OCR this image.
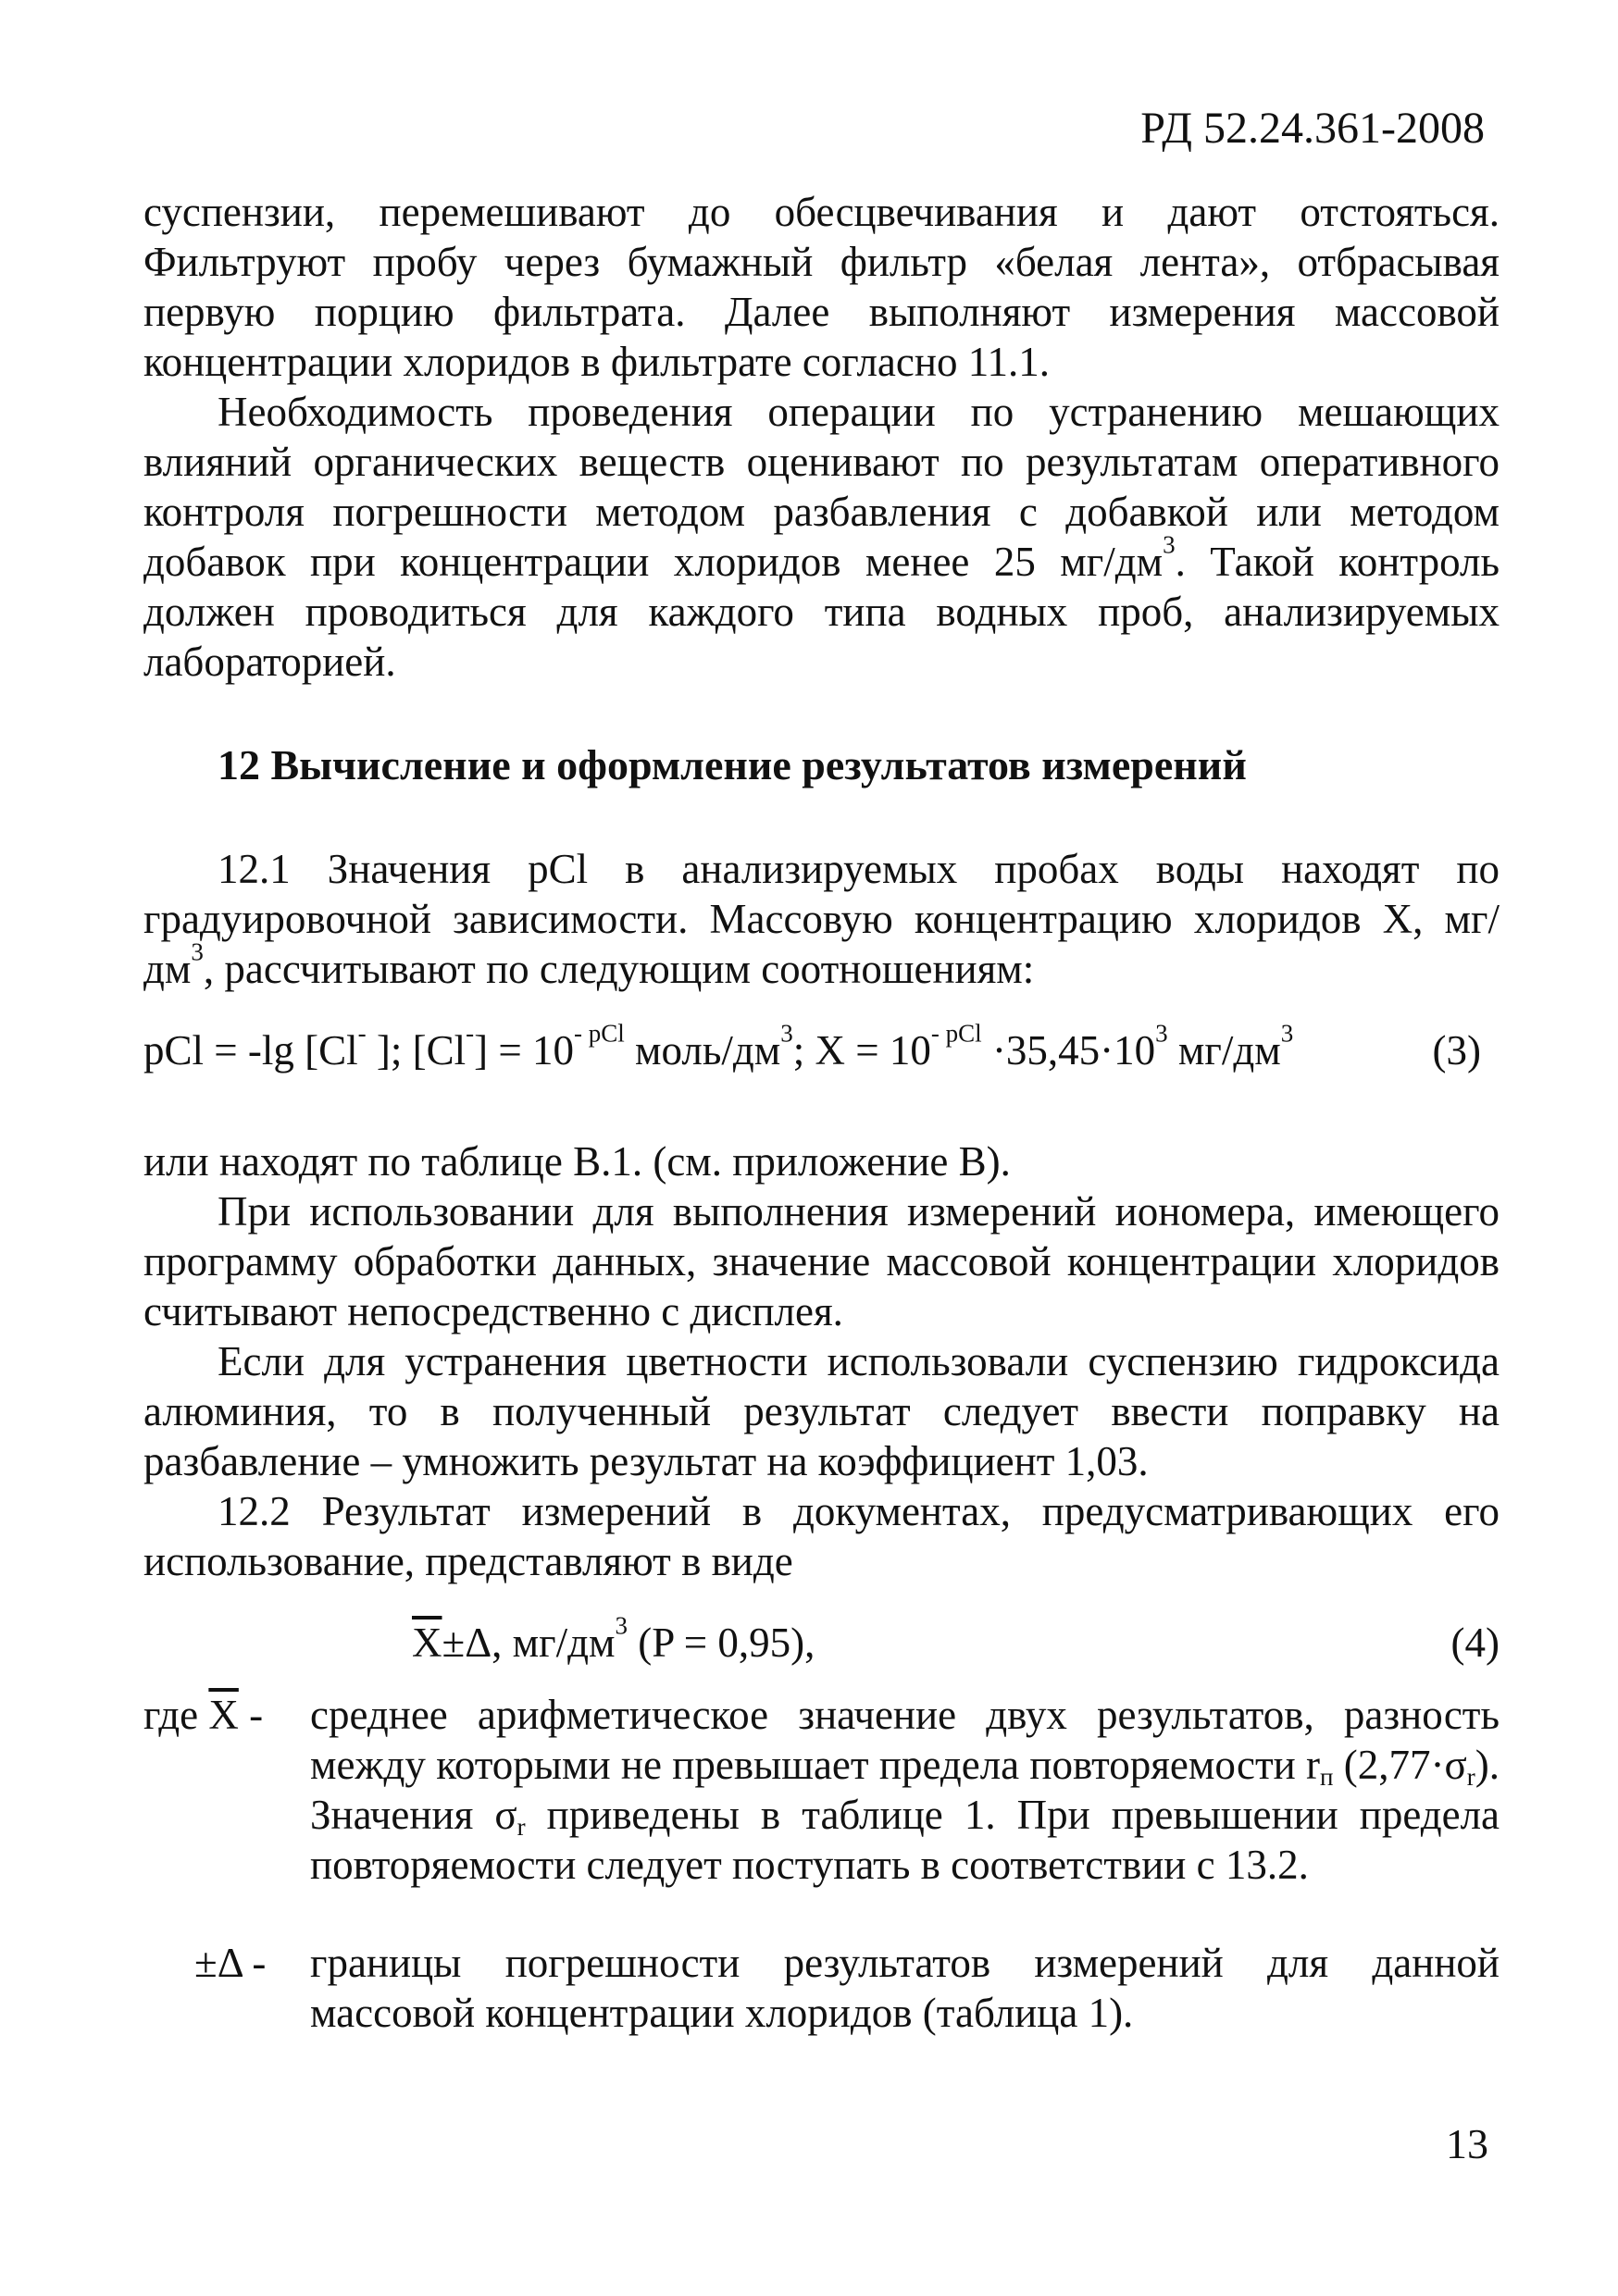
РД 52.24.361-2008
суспензии, перемешивают до обесцвечивания и дают отстояться. Фильтруют пробу через бумажный фильтр «белая лента», отбрасывая первую порцию фильтрата. Далее выполняют измерения массовой концентрации хлоридов в фильтрате согласно 11.1.
Необходимость проведения операции по устранению мешающих влияний органических веществ оценивают по результатам оперативного контроля погрешности методом разбавления с добавкой или методом добавок при концентрации хлоридов менее 25 $мг/дм^3$. Такой контроль должен проводиться для каждого типа водных проб, анализируемых лабораторией.
12 Вычисление и оформление результатов измерений
12.1 Значения pCl в анализируемых пробах воды находят по градуировочной зависимости. Массовую концентрацию хлоридов X, $мг/дм^3$, рассчитывают по следующим соотношениям:
pCl = -lg [Cl- ]; $[Cl^-] = 10^{- pCl}$ моль/$дм^3$; $X = 10^{- pCl} \cdot 35,45\cdot 10^3$ $мг/дм^3$	(3)
или находят по таблице В.1. (см. приложение В).
При использовании для выполнения измерений иономера, имеющего программу обработки данных, значение массовой концентрации хлоридов считывают непосредственно с дисплея.
Если для устранения цветности использовали суспензию гидроксида алюминия, то в полученный результат следует ввести поправку на разбавление – умножить результат на коэффициент 1,03.
12.2 Результат измерений в документах, предусматривающих его использование, представляют в виде
$\overline{X}\pm\Delta$, $мг/дм^3$ (P = 0,95),	(4)
где $\overline{X}$ - среднее арифметическое значение двух результатов, разность между которыми не превышает предела повторяемости $r_п$ $(2,77\cdot\sigma_r)$. Значения $\sigma_r$ приведены в таблице 1. При превышении предела повторяемости следует поступать в соответствии с 13.2.
±Δ - границы погрешности результатов измерений для данной массовой концентрации хлоридов (таблица 1).
13
